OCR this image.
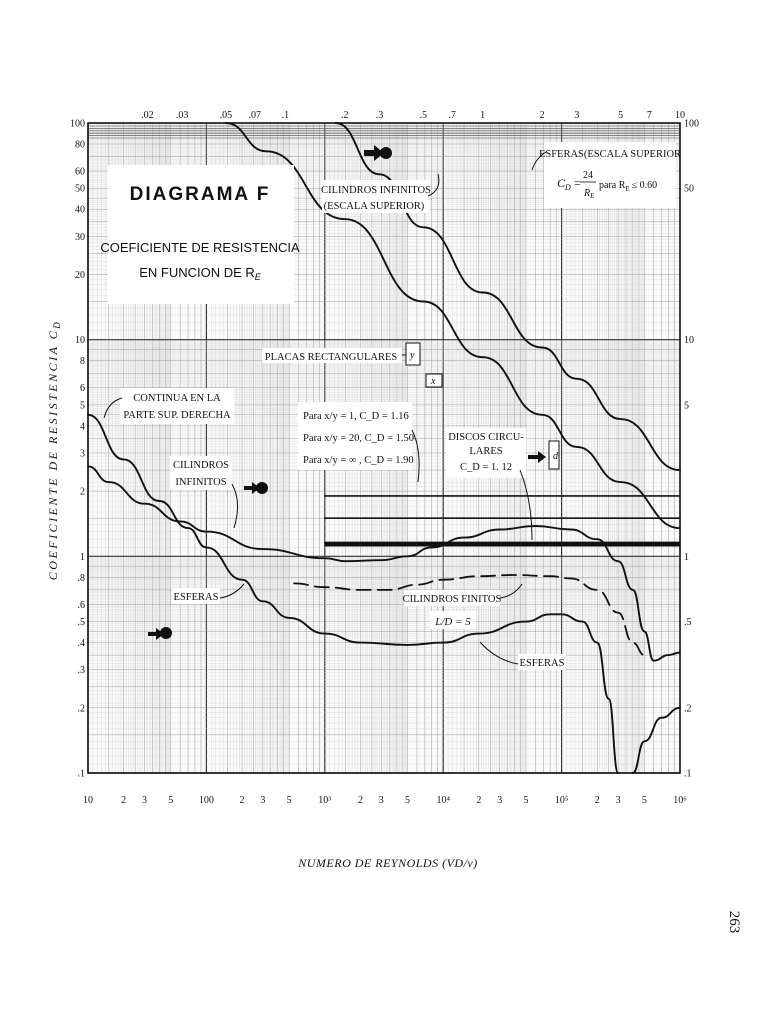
10	2 3 5	100	2 3 5	10³	2 3 5	10⁴	2 3 5	10⁵	2 3 5	10⁶
.02 .03	.05 .07 .1	.2	.3	.5 .7 1	2	3	5 7 10
100
80
60
50
40
30
20
10
8
6
5
4
3
2
1
.8
.6
.5
.4
.3
.2
.1
100
50
10
5
1
.5
.2
.1
COEFICIENTE DE RESISTENCIA $C_D$
NUMERO DE REYNOLDS (VD/ν)
263
DIAGRAMA F
COEFICIENTE DE RESISTENCIA
EN FUNCION DE $R_E$
ESFERAS(ESCALA SUPERIOR
$C_D$ =
24
$R_E$
para $R_E \le 0.60$
CILINDROS INFINITOS
(ESCALA SUPERIOR)
PLACAS RECTANGULARES y
x
CONTINUA EN LA
PARTE SUP. DERECHA
CILINDROS
INFINITOS
Para x/y = 1, C_D = 1.16
Para x/y = 20, C_D = 1.50
Para x/y = ∞ , C_D = 1.90
DISCOS CIRCU-
LARES
C_D = 1. 12
d
ESFERAS	CILINDROS FINITOS
L/D = 5
ESFERAS
